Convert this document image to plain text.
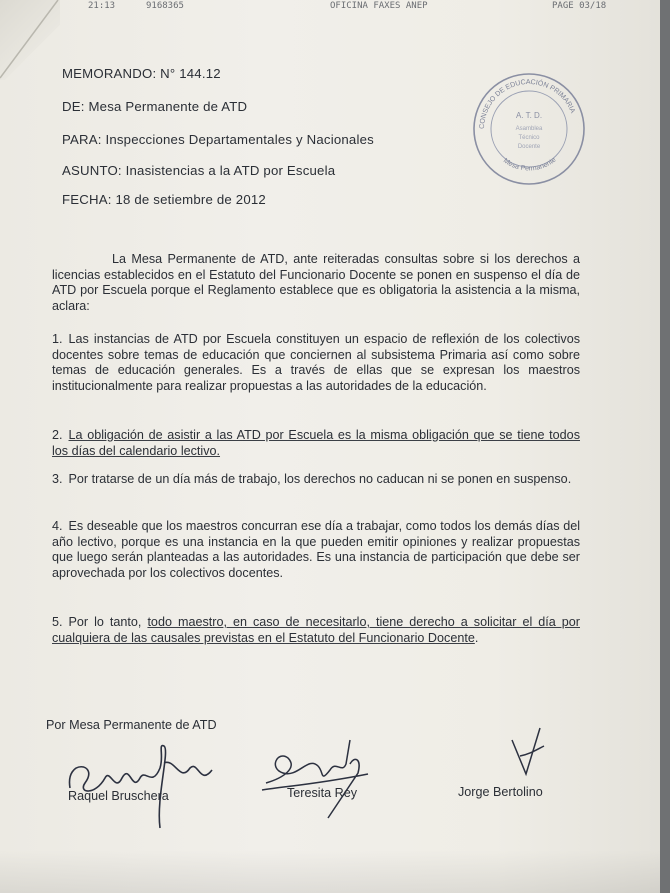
21:13	9168365	OFICINA FAXES ANEP	PAGE 03/18
MEMORANDO: N° 144.12
DE: Mesa Permanente de ATD
PARA: Inspecciones Departamentales y Nacionales
ASUNTO: Inasistencias a la ATD por Escuela
FECHA: 18 de setiembre de 2012
CONSEJO DE EDUCACIÓN PRIMARIA
Mesa Permanente
A. T. D.
Asamblea
Técnico
Docente
La Mesa Permanente de ATD, ante reiteradas consultas sobre si los derechos a licencias establecidos en el Estatuto del Funcionario Docente se ponen en suspenso el día de ATD por Escuela porque el Reglamento establece que es obligatoria la asistencia a la misma, aclara:
1. Las instancias de ATD por Escuela constituyen un espacio de reflexión de los colectivos docentes sobre temas de educación que conciernen al subsistema Primaria así como sobre temas de educación generales. Es a través de ellas que se expresan los maestros institucionalmente para realizar propuestas a las autoridades de la educación.
2. La obligación de asistir a las ATD por Escuela es la misma obligación que se tiene todos los días del calendario lectivo.
3. Por tratarse de un día más de trabajo, los derechos no caducan ni se ponen en suspenso.
4. Es deseable que los maestros concurran ese día a trabajar, como todos los demás días del año lectivo, porque es una instancia en la que pueden emitir opiniones y realizar propuestas que luego serán planteadas a las autoridades. Es una instancia de participación que debe ser aprovechada por los colectivos docentes.
5. Por lo tanto, todo maestro, en caso de necesitarlo, tiene derecho a solicitar el día por cualquiera de las causales previstas en el Estatuto del Funcionario Docente.
Por Mesa Permanente de ATD
Raquel Bruschera	Teresita Rey	Jorge Bertolino
